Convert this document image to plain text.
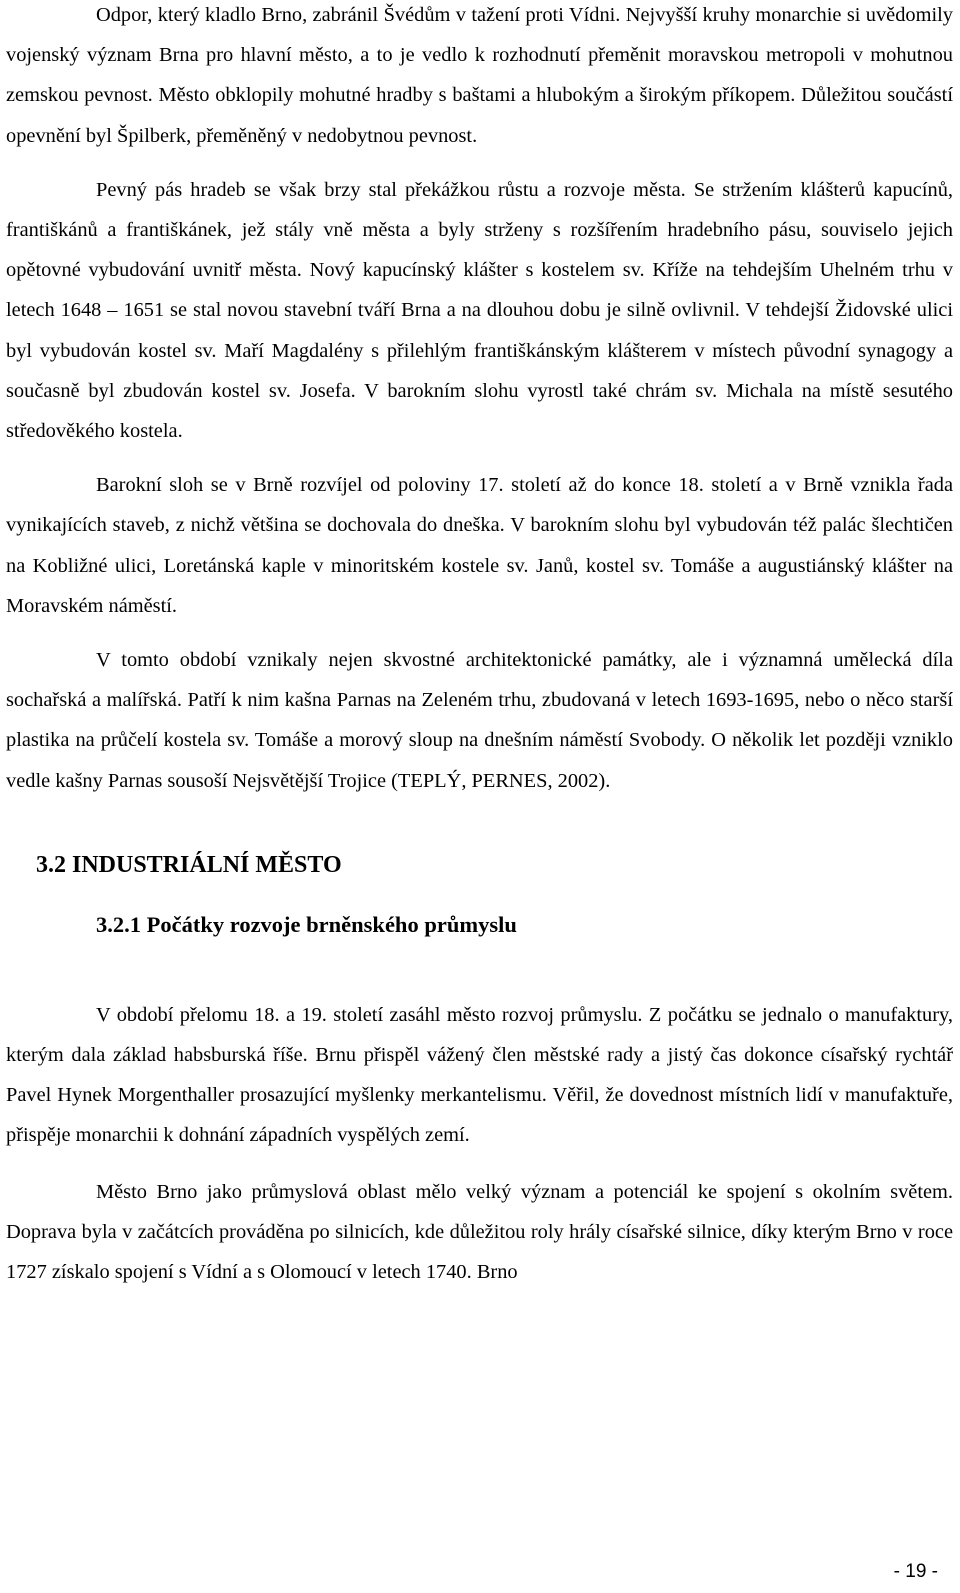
Odpor, který kladlo Brno, zabránil Švédům v tažení proti Vídni. Nejvyšší kruhy monarchie si uvědomily vojenský význam Brna pro hlavní město, a to je vedlo k rozhodnutí přeměnit moravskou metropoli v mohutnou zemskou pevnost. Město obklopily mohutné hradby s baštami a hlubokým a širokým příkopem. Důležitou součástí opevnění byl Špilberk, přeměněný v nedobytnou pevnost.

Pevný pás hradeb se však brzy stal překážkou růstu a rozvoje města. Se stržením klášterů kapucínů, františkánů a františkánek, jež stály vně města a byly strženy s rozšířením hradebního pásu, souviselo jejich opětovné vybudování uvnitř města. Nový kapucínský klášter s kostelem sv. Kříže na tehdejším Uhelném trhu v letech 1648 – 1651 se stal novou stavební tváří Brna a na dlouhou dobu je silně ovlivnil. V tehdejší Židovské ulici byl vybudován kostel sv. Maří Magdalény s přilehlým františkánským klášterem v místech původní synagogy a současně byl zbudován kostel sv. Josefa. V barokním slohu vyrostl také chrám sv. Michala na místě sesutého středověkého kostela.

Barokní sloh se v Brně rozvíjel od poloviny 17. století až do konce 18. století a v Brně vznikla řada vynikajících staveb, z nichž většina se dochovala do dneška. V barokním slohu byl vybudován též palác šlechtičen na Kobližné ulici, Loretánská kaple v minoritském kostele sv. Janů, kostel sv. Tomáše a augustiánský klášter na Moravském náměstí.

V tomto období vznikaly nejen skvostné architektonické památky, ale i významná umělecká díla sochařská a malířská. Patří k nim kašna Parnas na Zeleném trhu, zbudovaná v letech 1693-1695, nebo o něco starší plastika na průčelí kostela sv. Tomáše a morový sloup na dnešním náměstí Svobody. O několik let později vzniklo vedle kašny Parnas sousoší Nejsvětější Trojice (TEPLÝ, PERNES, 2002).

3.2 INDUSTRIÁLNÍ MĚSTO
3.2.1 Počátky rozvoje brněnského průmyslu

V období přelomu 18. a 19. století zasáhl město rozvoj průmyslu. Z počátku se jednalo o manufaktury, kterým dala základ habsburská říše. Brnu přispěl vážený člen městské rady a jistý čas dokonce císařský rychtář Pavel Hynek Morgenthaller prosazující myšlenky merkantelismu. Věřil, že dovednost místních lidí v manufaktuře, přispěje monarchii k dohnání západních vyspělých zemí.

Město Brno jako průmyslová oblast mělo velký význam a potenciál ke spojení s okolním světem. Doprava byla v začátcích prováděna po silnicích, kde důležitou roly hrály císařské silnice, díky kterým Brno v roce 1727 získalo spojení s Vídní a s Olomoucí v letech 1740. Brno

- 19 -
